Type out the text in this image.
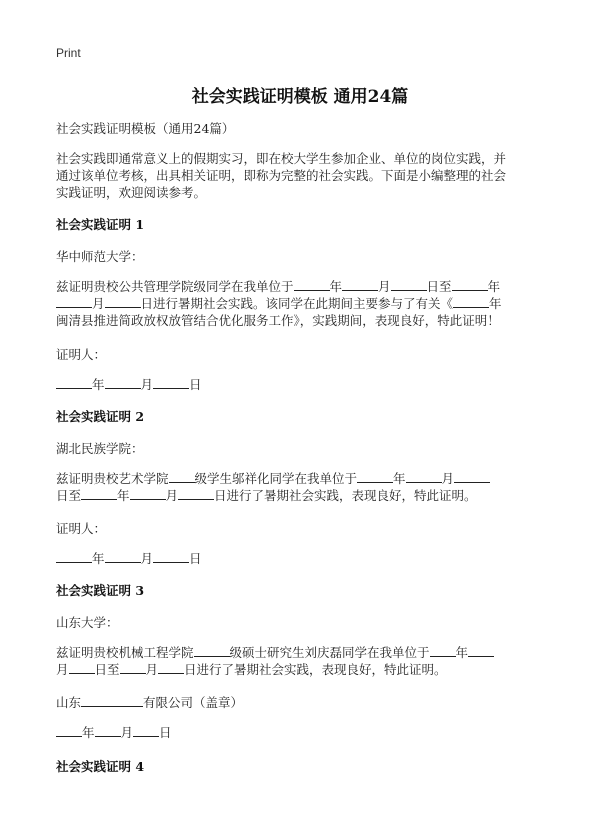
Print
社会实践证明模板 通用24篇
社会实践证明模板（通用24篇）
社会实践即通常意义上的假期实习，即在校大学生参加企业、单位的岗位实践，并
通过该单位考核，出具相关证明，即称为完整的社会实践。下面是小编整理的社会
实践证明，欢迎阅读参考。
社会实践证明 1
华中师范大学：
兹证明贵校公共管理学院级同学在我单位于	年	月	日至	年
月	日进行暑期社会实践。该同学在此期间主要参与了有关《	年
闽清县推进简政放权放管结合优化服务工作》，实践期间，表现良好，特此证明！
证明人：
年	月	日
社会实践证明 2
湖北民族学院：
兹证明贵校艺术学院 级学生邬祥化同学在我单位于	年	月
日至	年	月	日进行了暑期社会实践，表现良好，特此证明。
证明人：
年	月	日
社会实践证明 3
山东大学：
兹证明贵校机械工程学院	级硕士研究生刘庆磊同学在我单位于 年
月 日至 月 日进行了暑期社会实践，表现良好，特此证明。
山东	有限公司（盖章）
年 月 日
社会实践证明 4
